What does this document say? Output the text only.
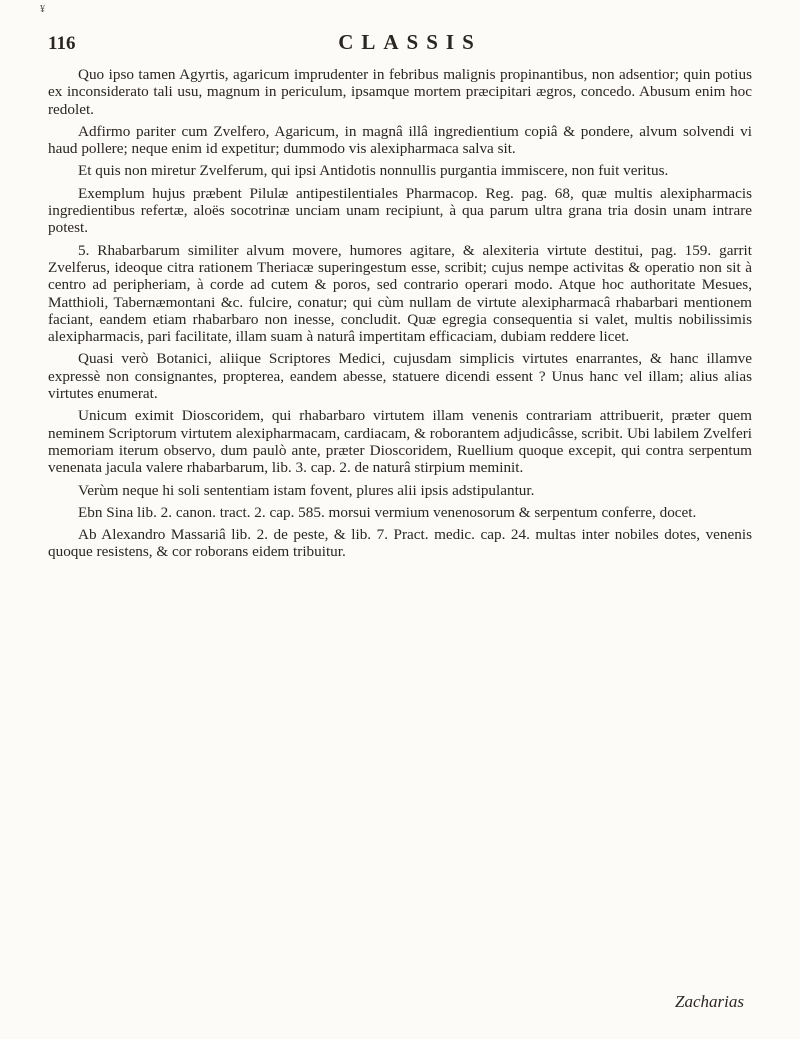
¥
116	CLASSIS

Quo ipso tamen Agyrtis, agaricum imprudenter in febribus malignis propinantibus, non adsentior; quin potius ex inconsiderato tali usu, magnum in periculum, ipsamque mortem præcipitari ægros, concedo. Abusum enim hoc redolet.

Adfirmo pariter cum Zvelfero, Agaricum, in magnâ illâ ingredientium copiâ & pondere, alvum solvendi vi haud pollere; neque enim id expetitur; dummodo vis alexipharmaca salva sit.

Et quis non miretur Zvelferum, qui ipsi Antidotis nonnullis purgantia immiscere, non fuit veritus.

Exemplum hujus præbent Pilulæ antipestilentiales Pharmacop. Reg. pag. 68, quæ multis alexipharmacis ingredientibus refertæ, aloës socotrinæ unciam unam recipiunt, à qua parum ultra grana tria dosin unam intrare potest.

5. Rhabarbarum similiter alvum movere, humores agitare, & alexiteria virtute destitui, pag. 159. garrit Zvelferus, ideoque citra rationem Theriacæ superingestum esse, scribit; cujus nempe activitas & operatio non sit à centro ad peripheriam, à corde ad cutem & poros, sed contrario operari modo. Atque hoc authoritate Mesues, Matthioli, Tabernæmontani &c. fulcire, conatur; qui cùm nullam de virtute alexipharmacâ rhabarbari mentionem faciant, eandem etiam rhabarbaro non inesse, concludit. Quæ egregia consequentia si valet, multis nobilissimis alexipharmacis, pari facilitate, illam suam à naturâ impertitam efficaciam, dubiam reddere licet.

Quasi verò Botanici, aliique Scriptores Medici, cujusdam simplicis virtutes enarrantes, & hanc illamve expressè non consignantes, propterea, eandem abesse, statuere dicendi essent ? Unus hanc vel illam; alius alias virtutes enumerat.

Unicum eximit Dioscoridem, qui rhabarbaro virtutem illam venenis contrariam attribuerit, præter quem neminem Scriptorum virtutem alexipharmacam, cardiacam, & roborantem adjudicâsse, scribit. Ubi labilem Zvelferi memoriam iterum observo, dum paulò ante, præter Dioscoridem, Ruellium quoque excepit, qui contra serpentum venenata jacula valere rhabarbarum, lib. 3. cap. 2. de naturâ stirpium meminit.

Verùm neque hi soli sententiam istam fovent, plures alii ipsis adstipulantur.

Ebn Sina lib. 2. canon. tract. 2. cap. 585. morsui vermium venenosorum & serpentum conferre, docet.

Ab Alexandro Massariâ lib. 2. de peste, & lib. 7. Pract. medic. cap. 24. multas inter nobiles dotes, venenis quoque resistens, & cor roborans eidem tribuitur.

Zacharias
